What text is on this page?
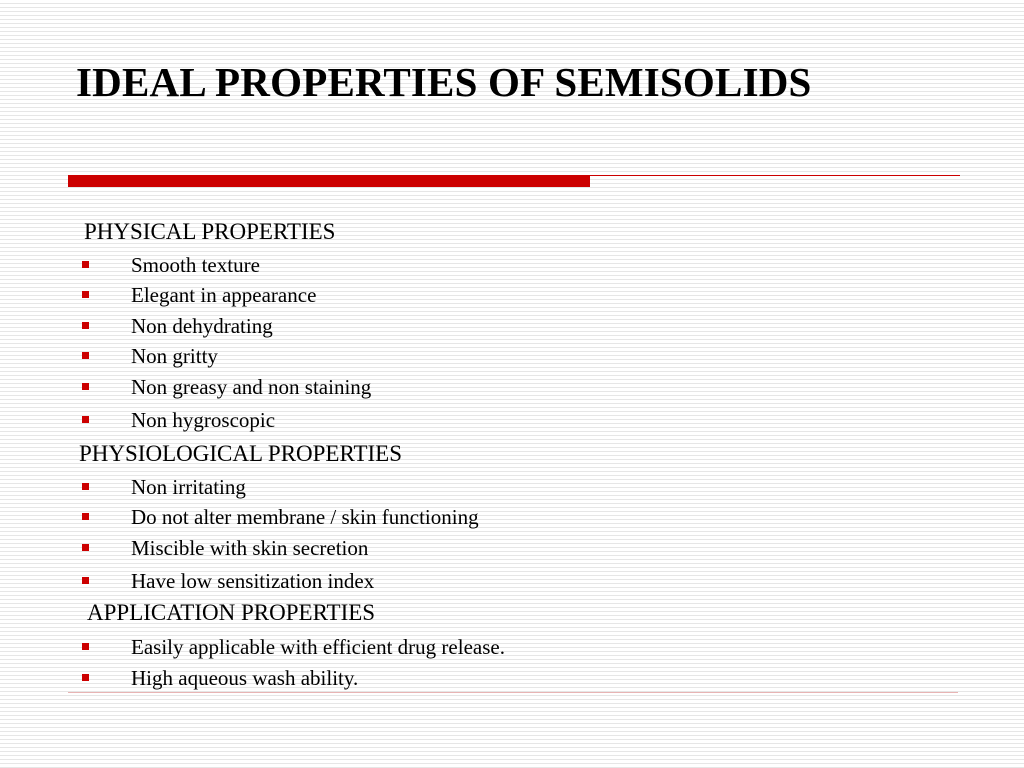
IDEAL PROPERTIES OF SEMISOLIDS
PHYSICAL PROPERTIES
Smooth texture
Elegant in appearance
Non dehydrating
Non gritty
Non greasy and non staining
Non hygroscopic
PHYSIOLOGICAL PROPERTIES
Non irritating
Do not alter membrane / skin functioning
Miscible with skin secretion
Have low sensitization index
APPLICATION PROPERTIES
Easily applicable with efficient drug release.
High aqueous wash ability.
